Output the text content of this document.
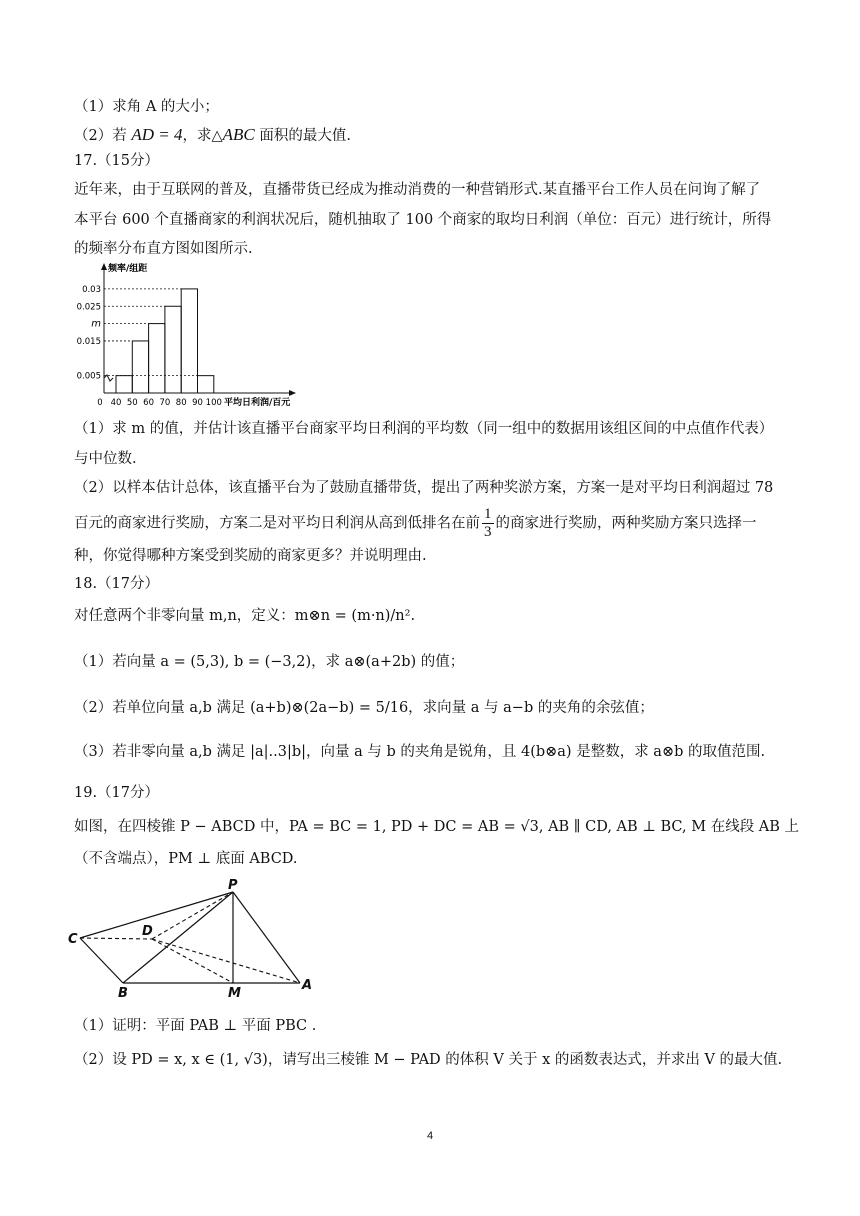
（1）求角 A 的大小；
（2）若 AD = 4，求△ABC 面积的最大值.
17.（15分）
近年来，由于互联网的普及，直播带货已经成为推动消费的一种营销形式.某直播平台工作人员在问询了解了
本平台 600 个直播商家的利润状况后，随机抽取了 100 个商家的取均日利润（单位：百元）进行统计，所得
的频率分布直方图如图所示.
频率/组距
平均日利润/百元
0.03
0.025
m
0.015
0.005
0 40 50 60 70 80 90 100
（1）求 m 的值，并估计该直播平台商家平均日利润的平均数（同一组中的数据用该组区间的中点值作代表）
与中位数.
（2）以样本估计总体，该直播平台为了鼓励直播带货，提出了两种奖淤方案，方案一是对平均日利润超过 78
百元的商家进行奖励，方案二是对平均日利润从高到低排名在前 $\frac{1}{3}$ 的商家进行奖励，两种奖励方案只选择一
种，你觉得哪种方案受到奖励的商家更多？并说明理由.
18.（17分）
对任意两个非零向量 m,n，定义：m⊗n = (m·n)/n².
（1）若向量 a = (5,3), b = (−3,2)，求 a⊗(a+2b) 的值；
（2）若单位向量 a,b 满足 (a+b)⊗(2a−b) = 5/16，求向量 a 与 a−b 的夹角的余弦值；
（3）若非零向量 a,b 满足 |a|..3|b|，向量 a 与 b 的夹角是锐角，且 4(b⊗a) 是整数，求 a⊗b 的取值范围.
19.（17分）
如图，在四棱锥 P − ABCD 中，PA = BC = 1, PD + DC = AB = √3, AB ∥ CD, AB ⊥ BC, M 在线段 AB 上
（不含端点），PM ⊥ 底面 ABCD.
P
C
D
B	M
A
（1）证明：平面 PAB ⊥ 平面 PBC .
（2）设 PD = x, x ∈ (1, √3)，请写出三棱锥 M − PAD 的体积 V 关于 x 的函数表达式，并求出 V 的最大值.
4
